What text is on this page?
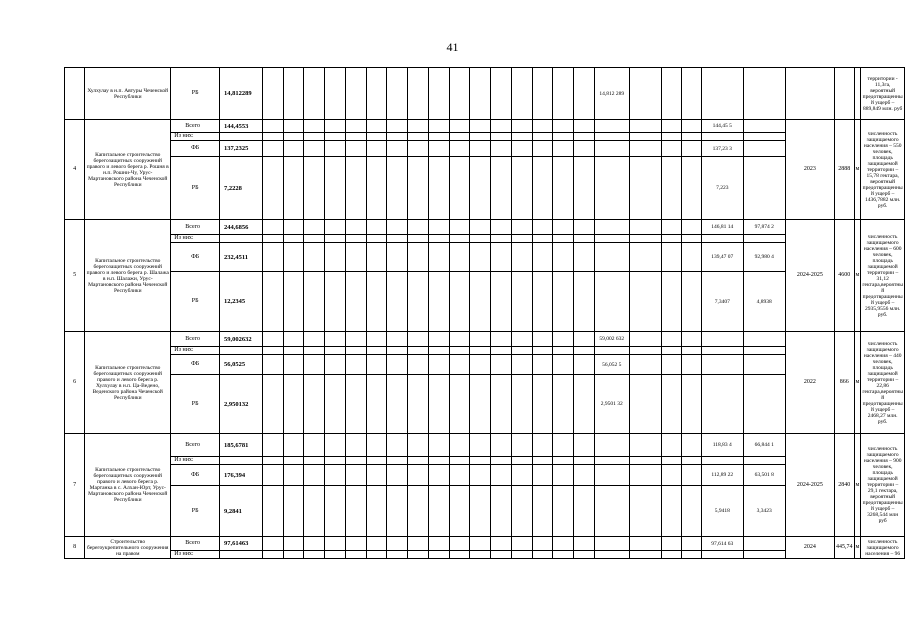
41
	Хулхулау в н.п. Автуры Чеченской Республики	РБ	14,812289																	14,812 289									территории - 11,3га, вероятный предотвращенны й ущерб – 889,849 млн. руб
4	Капитальное строительство берегозащитных сооружений правого и левого берега р. Рошня в н.п. Рошни-Чу, Урус-Мартановского района Чеченской Республики	Всего	144,4553																					144,45 5		2023	2888	м	численность защищаемого населения – 550 человек, площадь защищаемой территории – 15,78 гектара, вероятный предотвращенны й ущерб – 1436,7882 млн. руб.
		Из них:																											
		ФБ	137,2325																					137,23 3					
		РБ	7,2228																					7,223					
5	Капитальное строительство берегозащитных сооружений правого и левого берега р. Шалажа в н.п. Шалажи, Урус-Мартановского района Чеченской Республики	Всего	244,6856																					146,81 14	97,874 2	2024-2025	4600	м	численность защищаемого населения – 600 человек, площадь защищаемой территории – 31,12 гектара,вероятны й предотвращенны й ущерб – 2935,9556 млн. руб.
		Из них:																											
		ФБ	232,4511																					139,47 07	92,980 4				
		РБ	12,2345																					7,3407	4,8938				
6	Капитальное строительство берегозащитных сооружений правого и левого берега р. Хулхулау в н.п. Ца-Ведено, Веденского района Чеченской Республики	Всего	59,002632																	59,002 632						2022	866	м	численность защищаемого населения – 440 человек, площадь защищаемой территории – 22,86 гектара,вероятны й предотвращенны й ущерб – 2468,27 млн. руб.
		Из них:																											
		ФБ	56,0525																	56,052 5									
		РБ	2,950132																	2,9501 32									
7	Капитальное строительство берегозащитных сооружений правого и левого берега р. Мартанка в с. Алхан-Юрт, Урус-Мартановского района Чеченской Республики	Всего	185,6781																					118,83 4	66,844 1	2024-2025	2840	м	численность защищаемого населения – 900 человек, площадь защищаемой территории – 29,1 гектара, вероятный предотвращенны й ущерб – 3268,544 млн руб
		Из них:																											
		ФБ	176,394																					112,89 22	63,501 8				
		РБ	9,2841																					5,9418	3,3423				
8	Строительство берегоукрепительного сооружения на правом	Всего	97,61463																					97,614 63		2024	445,74	м	численность защищаемого населения – 96
		Из них:																											
